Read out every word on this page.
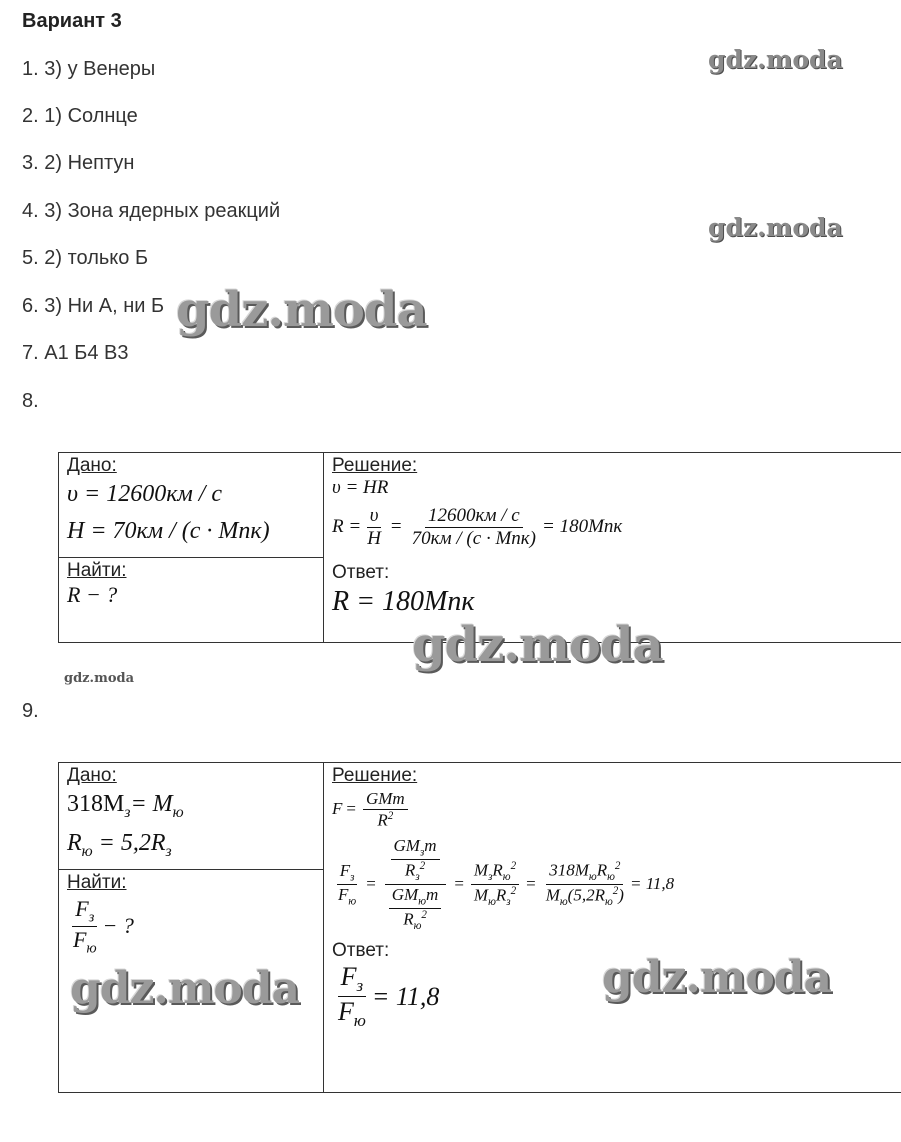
Вариант 3
1. 3) у Венеры
2. 1) Солнце
3. 2) Нептун
4. 3) Зона ядерных реакций
5. 2) только Б
6. 3) Ни А, ни Б
7. А1 Б4 В3
8.
Дано:
υ = 12600км / с
H = 70км / (с · Мпк)

Решение:
υ = HR
$R = \frac{\upsilon}{H} = \frac{12600км / с}{\text{70км / (с · Мпк)}} = 180Мпк$
Ответ:
R = 180Мпк

Найти:
R − ?
9.
Дано:
$318M_з= M_ю$
$R_ю = 5,2R_з$

Решение:
$F = \frac{\text{GMm}}{R^2}$
$\frac{F_з}{F_ю} = \frac{\frac{GM_зm}{R_з^2}}{\frac{GM_юm}{R_ю^2}} = \frac{M_зR_ю^2}{M_юR_з^2} = \frac{318M_юR_ю^2}{M_ю(5,2R_ю^2)} = 11,8$
Ответ:
$\frac{F_з}{F_ю} = 11,8$

Найти:
$\frac{F_з}{F_ю}$ − ?
gdz.moda
gdz.moda
gdz.moda
gdz.moda
gdz.moda
gdz.moda	gdz.moda
